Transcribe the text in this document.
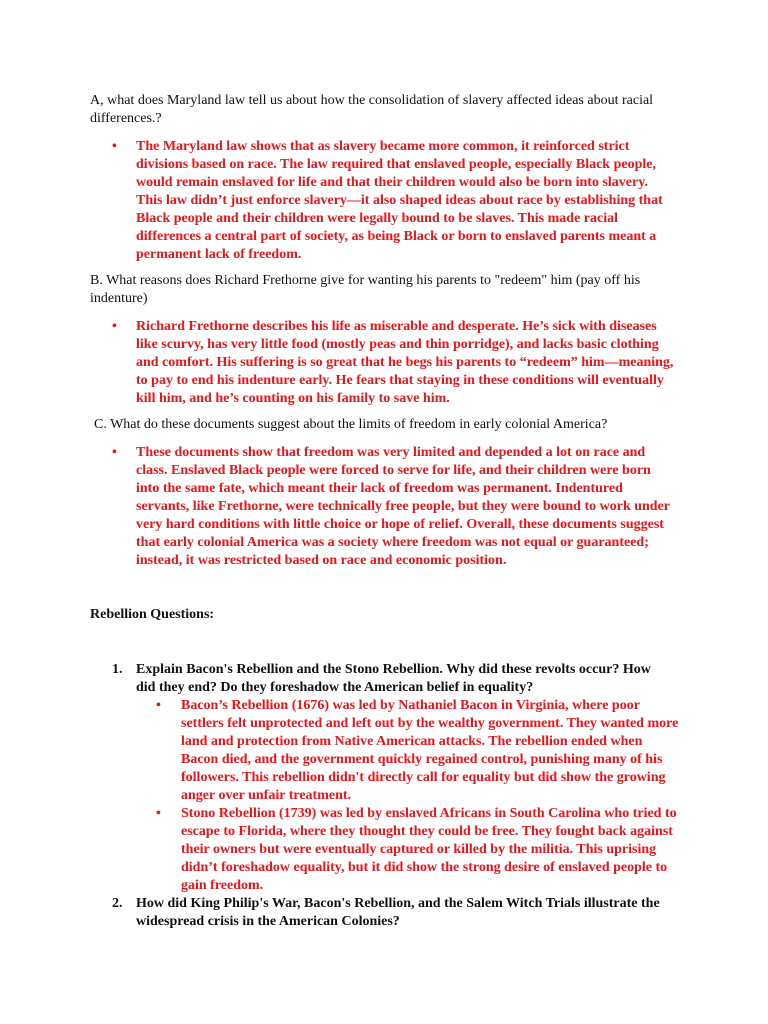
A, what does Maryland law tell us about how the consolidation of slavery affected ideas about racial differences.?

• The Maryland law shows that as slavery became more common, it reinforced strict divisions based on race. The law required that enslaved people, especially Black people, would remain enslaved for life and that their children would also be born into slavery. This law didn’t just enforce slavery—it also shaped ideas about race by establishing that Black people and their children were legally bound to be slaves. This made racial differences a central part of society, as being Black or born to enslaved parents meant a permanent lack of freedom.

B. What reasons does Richard Frethorne give for wanting his parents to "redeem" him (pay off his indenture)

• Richard Frethorne describes his life as miserable and desperate. He’s sick with diseases like scurvy, has very little food (mostly peas and thin porridge), and lacks basic clothing and comfort. His suffering is so great that he begs his parents to “redeem” him—meaning, to pay to end his indenture early. He fears that staying in these conditions will eventually kill him, and he’s counting on his family to save him.

C. What do these documents suggest about the limits of freedom in early colonial America?

• These documents show that freedom was very limited and depended a lot on race and class. Enslaved Black people were forced to serve for life, and their children were born into the same fate, which meant their lack of freedom was permanent. Indentured servants, like Frethorne, were technically free people, but they were bound to work under very hard conditions with little choice or hope of relief. Overall, these documents suggest that early colonial America was a society where freedom was not equal or guaranteed; instead, it was restricted based on race and economic position.

Rebellion Questions:

1. Explain Bacon's Rebellion and the Stono Rebellion. Why did these revolts occur? How did they end? Do they foreshadow the American belief in equality?
• Bacon’s Rebellion (1676) was led by Nathaniel Bacon in Virginia, where poor settlers felt unprotected and left out by the wealthy government. They wanted more land and protection from Native American attacks. The rebellion ended when Bacon died, and the government quickly regained control, punishing many of his followers. This rebellion didn't directly call for equality but did show the growing anger over unfair treatment.
• Stono Rebellion (1739) was led by enslaved Africans in South Carolina who tried to escape to Florida, where they thought they could be free. They fought back against their owners but were eventually captured or killed by the militia. This uprising didn’t foreshadow equality, but it did show the strong desire of enslaved people to gain freedom.
2. How did King Philip's War, Bacon's Rebellion, and the Salem Witch Trials illustrate the widespread crisis in the American Colonies?
